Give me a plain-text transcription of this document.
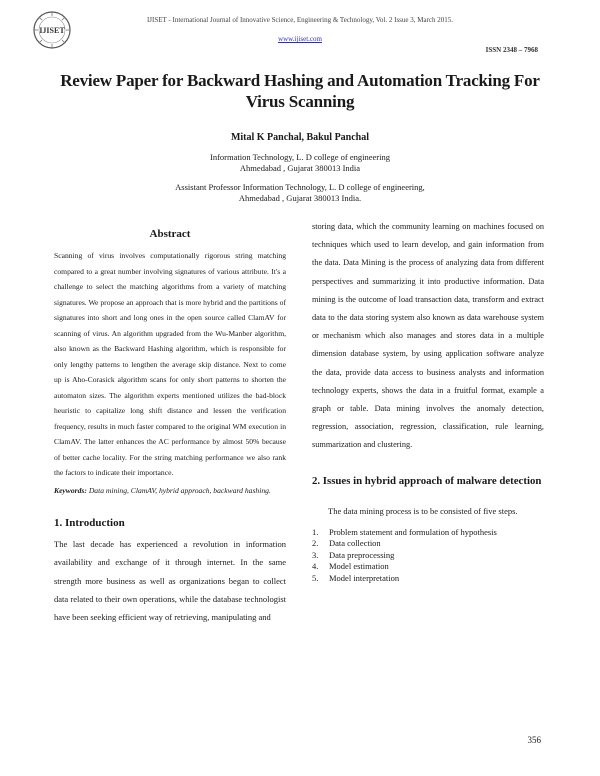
IJISET
IJISET - International Journal of Innovative Science, Engineering & Technology, Vol. 2 Issue 3, March 2015.
www.ijiset.com
ISSN 2348 – 7968
Review Paper for Backward Hashing and Automation Tracking For Virus Scanning
Mital K Panchal, Bakul Panchal
Information Technology, L. D college of engineering
Ahmedabad , Gujarat 380013 India
Assistant Professor Information Technology, L. D college of engineering,
Ahmedabad , Gujarat 380013 India.
Abstract

Scanning of virus involves computationally rigorous string matching compared to a great number involving signatures of various attribute. It's a challenge to select the matching algorithms from a variety of matching signatures. We propose an approach that is more hybrid and the partitions of signatures into short and long ones in the open source called ClamAV for scanning of virus. An algorithm upgraded from the Wu-Manber algorithm, also known as the Backward Hashing algorithm, which is responsible for only lengthy patterns to lengthen the average skip distance. Next to come up is Aho-Corasick algorithm scans for only short patterns to shorten the automaton sizes. The algorithm experts mentioned utilizes the bad-block heuristic to capitalize long shift distance and lessen the verification frequency, results in much faster compared to the original WM execution in ClamAV. The latter enhances the AC performance by almost 50% because of better cache locality. For the string matching performance we also rank the factors to indicate their importance.

Keywords: Data mining, ClamAV, hybrid approach, backward hashing.

1. Introduction

The last decade has experienced a revolution in information availability and exchange of it through internet. In the same strength more business as well as organizations began to collect data related to their own operations, while the database technologist have been seeking efficient way of retrieving, manipulating and

storing data, which the community learning on machines focused on techniques which used to learn develop, and gain information from the data. Data Mining is the process of analyzing data from different perspectives and summarizing it into productive information. Data mining is the outcome of load transaction data, transform and extract data to the data storing system also known as data warehouse system or mechanism which also manages and stores data in a multiple dimension database system, by using application software analyze the data, provide data access to business analysts and information technology experts, shows the data in a fruitful format, example a graph or table. Data mining involves the anomaly detection, regression, association, regression, classification, rule learning, summarization and clustering.

2. Issues in hybrid approach of malware detection

The data mining process is to be consisted of five steps.

1.	Problem statement and formulation of hypothesis
2.	Data collection
3.	Data preprocessing
4.	Model estimation
5.	Model interpretation
356
